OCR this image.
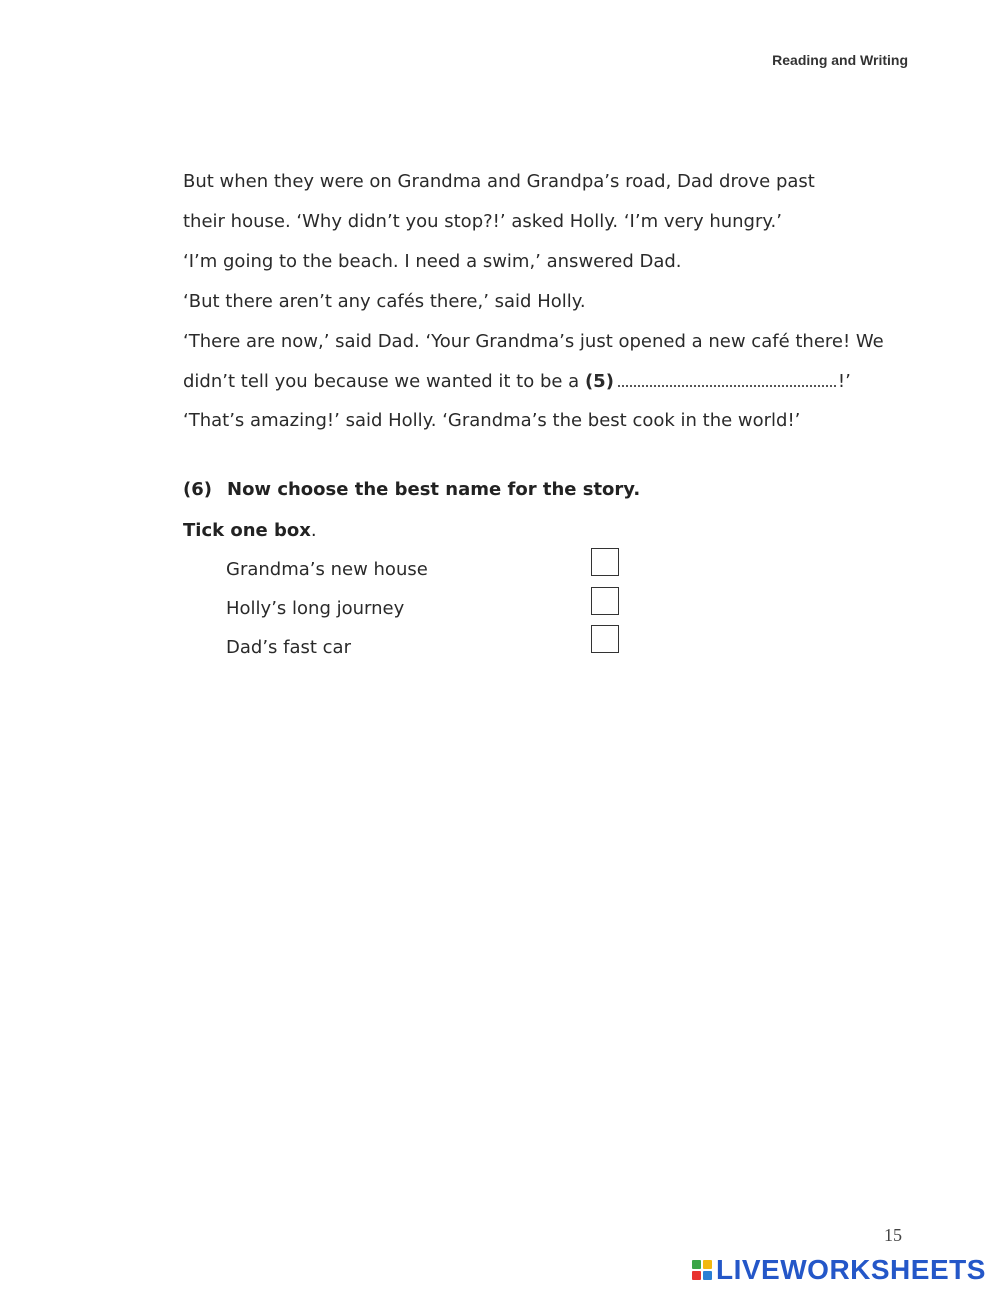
Reading and Writing
But when they were on Grandma and Grandpa’s road, Dad drove past
their house. ‘Why didn’t you stop?!’ asked Holly. ‘I’m very hungry.’
‘I’m going to the beach. I need a swim,’ answered Dad.
‘But there aren’t any cafés there,’ said Holly.
‘There are now,’ said Dad. ‘Your Grandma’s just opened a new café there! We
didn’t tell you because we wanted it to be a (5)	!’
‘That’s amazing!’ said Holly. ‘Grandma’s the best cook in the world!’
(6) Now choose the best name for the story.
Tick one box.
Grandma’s new house
Holly’s long journey
Dad’s fast car
15
LIVEWORKSHEETS
